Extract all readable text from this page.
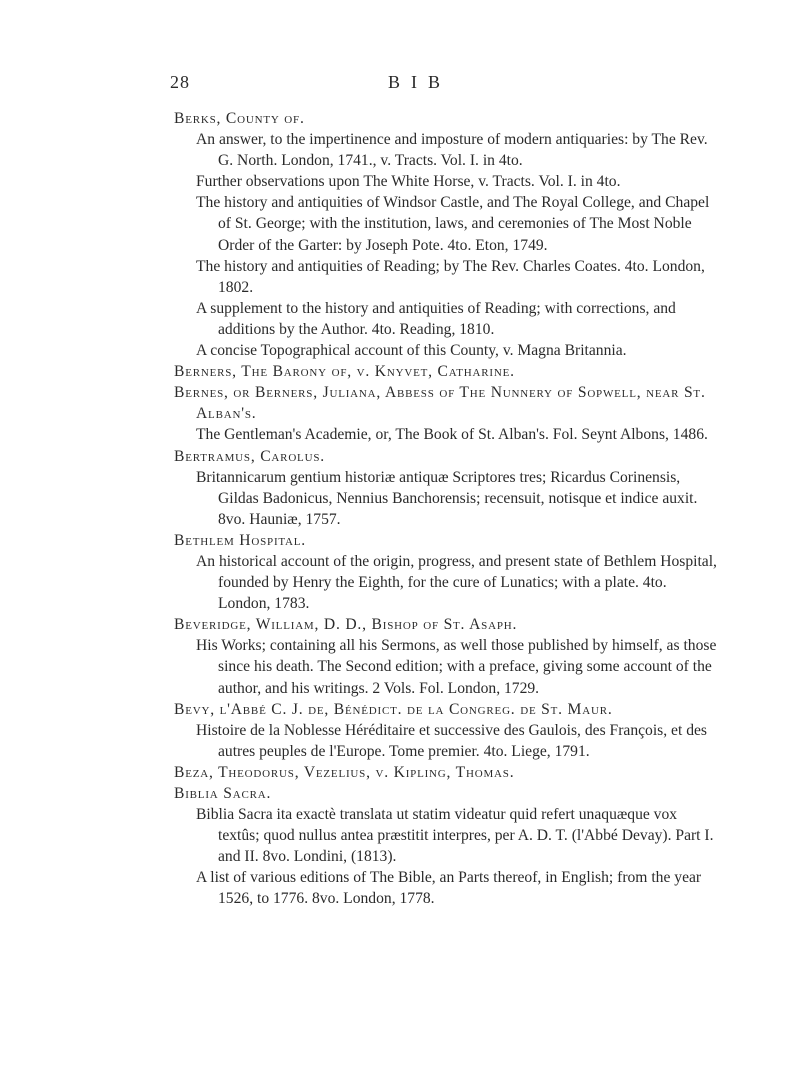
28	BIB

Berks, County of.

An answer, to the impertinence and imposture of modern antiquaries: by The Rev. G. North. London, 1741., v. Tracts. Vol. I. in 4to.

Further observations upon The White Horse, v. Tracts. Vol. I. in 4to.

The history and antiquities of Windsor Castle, and The Royal College, and Chapel of St. George; with the institution, laws, and ceremonies of The Most Noble Order of the Garter: by Joseph Pote. 4to. Eton, 1749.

The history and antiquities of Reading; by The Rev. Charles Coates. 4to. London, 1802.

A supplement to the history and antiquities of Reading; with corrections, and additions by the Author. 4to. Reading, 1810.

A concise Topographical account of this County, v. Magna Britannia.

Berners, The Barony of, v. Knyvet, Catharine.

Bernes, or Berners, Juliana, Abbess of The Nunnery of Sopwell, near St. Alban's.

The Gentleman's Academie, or, The Book of St. Alban's. Fol. Seynt Albons, 1486.

Bertramus, Carolus.

Britannicarum gentium historiæ antiquæ Scriptores tres; Ricardus Corinensis, Gildas Badonicus, Nennius Banchorensis; recensuit, notisque et indice auxit. 8vo. Hauniæ, 1757.

Bethlem Hospital.

An historical account of the origin, progress, and present state of Bethlem Hospital, founded by Henry the Eighth, for the cure of Lunatics; with a plate. 4to. London, 1783.

Beveridge, William, D. D., Bishop of St. Asaph.

His Works; containing all his Sermons, as well those published by himself, as those since his death. The Second edition; with a preface, giving some account of the author, and his writings. 2 Vols. Fol. London, 1729.

Bevy, l'Abbé C. J. de, Bénédict. de la Congreg. de St. Maur.

Histoire de la Noblesse Héréditaire et successive des Gaulois, des François, et des autres peuples de l'Europe. Tome premier. 4to. Liege, 1791.

Beza, Theodorus, Vezelius, v. Kipling, Thomas.

Biblia Sacra.

Biblia Sacra ita exactè translata ut statim videatur quid refert unaquæque vox textûs; quod nullus antea præstitit interpres, per A. D. T. (l'Abbé Devay). Part I. and II. 8vo. Londini, (1813).

A list of various editions of The Bible, an Parts thereof, in English; from the year 1526, to 1776. 8vo. London, 1778.
